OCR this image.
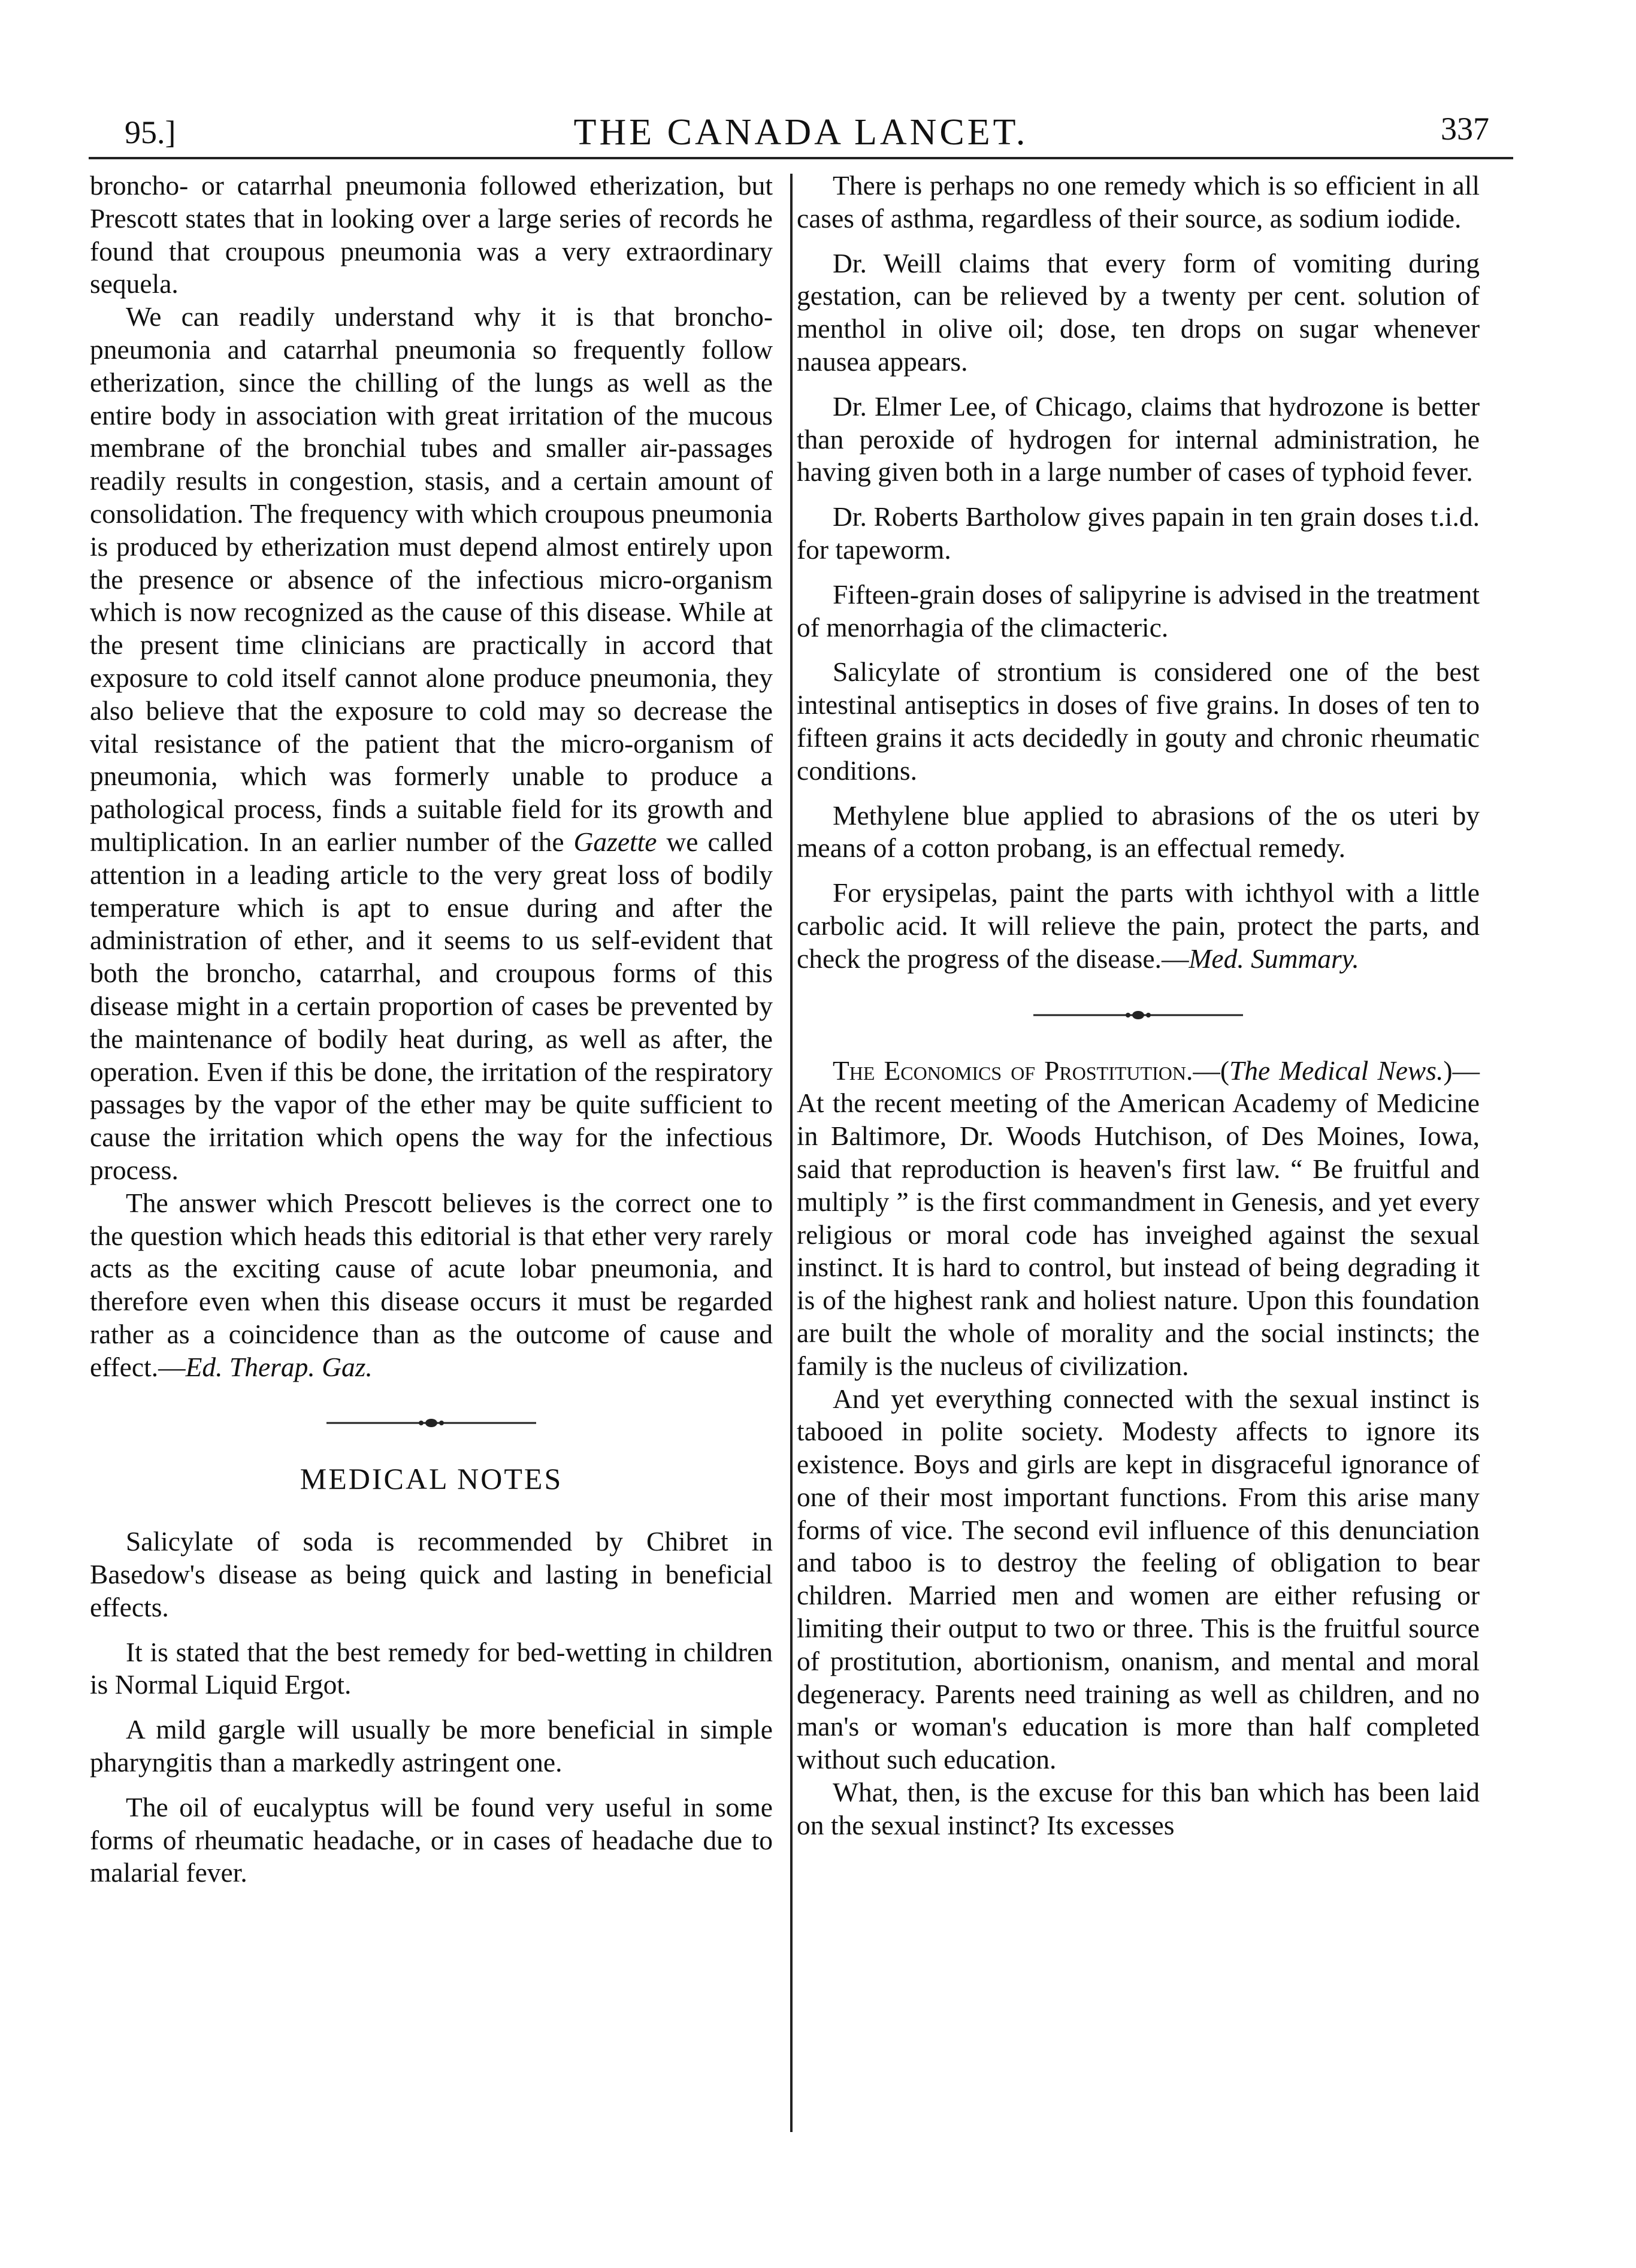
95.]	THE CANADA LANCET.	337

broncho- or catarrhal pneumonia followed etherization, but Prescott states that in looking over a large series of records he found that croupous pneumonia was a very extraordinary sequela.

We can readily understand why it is that broncho-pneumonia and catarrhal pneumonia so frequently follow etherization, since the chilling of the lungs as well as the entire body in association with great irritation of the mucous membrane of the bronchial tubes and smaller air-passages readily results in congestion, stasis, and a certain amount of consolidation. The frequency with which croupous pneumonia is produced by etherization must depend almost entirely upon the presence or absence of the infectious micro-organism which is now recognized as the cause of this disease. While at the present time clinicians are practically in accord that exposure to cold itself cannot alone produce pneumonia, they also believe that the exposure to cold may so decrease the vital resistance of the patient that the micro-organism of pneumonia, which was formerly unable to produce a pathological process, finds a suitable field for its growth and multiplication. In an earlier number of the Gazette we called attention in a leading article to the very great loss of bodily temperature which is apt to ensue during and after the administration of ether, and it seems to us self-evident that both the broncho, catarrhal, and croupous forms of this disease might in a certain proportion of cases be prevented by the maintenance of bodily heat during, as well as after, the operation. Even if this be done, the irritation of the respiratory passages by the vapor of the ether may be quite sufficient to cause the irritation which opens the way for the infectious process.

The answer which Prescott believes is the correct one to the question which heads this editorial is that ether very rarely acts as the exciting cause of acute lobar pneumonia, and therefore even when this disease occurs it must be regarded rather as a coincidence than as the outcome of cause and effect.—Ed. Therap. Gaz.

MEDICAL NOTES

Salicylate of soda is recommended by Chibret in Basedow's disease as being quick and lasting in beneficial effects.

It is stated that the best remedy for bed-wetting in children is Normal Liquid Ergot.

A mild gargle will usually be more beneficial in simple pharyngitis than a markedly astringent one.

The oil of eucalyptus will be found very useful in some forms of rheumatic headache, or in cases of headache due to malarial fever.

There is perhaps no one remedy which is so efficient in all cases of asthma, regardless of their source, as sodium iodide.

Dr. Weill claims that every form of vomiting during gestation, can be relieved by a twenty per cent. solution of menthol in olive oil; dose, ten drops on sugar whenever nausea appears.

Dr. Elmer Lee, of Chicago, claims that hydrozone is better than peroxide of hydrogen for internal administration, he having given both in a large number of cases of typhoid fever.

Dr. Roberts Bartholow gives papain in ten grain doses t.i.d. for tapeworm.

Fifteen-grain doses of salipyrine is advised in the treatment of menorrhagia of the climacteric.

Salicylate of strontium is considered one of the best intestinal antiseptics in doses of five grains. In doses of ten to fifteen grains it acts decidedly in gouty and chronic rheumatic conditions.

Methylene blue applied to abrasions of the os uteri by means of a cotton probang, is an effectual remedy.

For erysipelas, paint the parts with ichthyol with a little carbolic acid. It will relieve the pain, protect the parts, and check the progress of the disease.—Med. Summary.

The Economics of Prostitution.—(The Medical News.)—At the recent meeting of the American Academy of Medicine in Baltimore, Dr. Woods Hutchison, of Des Moines, Iowa, said that reproduction is heaven's first law. “ Be fruitful and multiply ” is the first commandment in Genesis, and yet every religious or moral code has inveighed against the sexual instinct. It is hard to control, but instead of being degrading it is of the highest rank and holiest nature. Upon this foundation are built the whole of morality and the social instincts; the family is the nucleus of civilization.

And yet everything connected with the sexual instinct is tabooed in polite society. Modesty affects to ignore its existence. Boys and girls are kept in disgraceful ignorance of one of their most important functions. From this arise many forms of vice. The second evil influence of this denunciation and taboo is to destroy the feeling of obligation to bear children. Married men and women are either refusing or limiting their output to two or three. This is the fruitful source of prostitution, abortionism, onanism, and mental and moral degeneracy. Parents need training as well as children, and no man's or woman's education is more than half completed without such education.

What, then, is the excuse for this ban which has been laid on the sexual instinct? Its excesses
